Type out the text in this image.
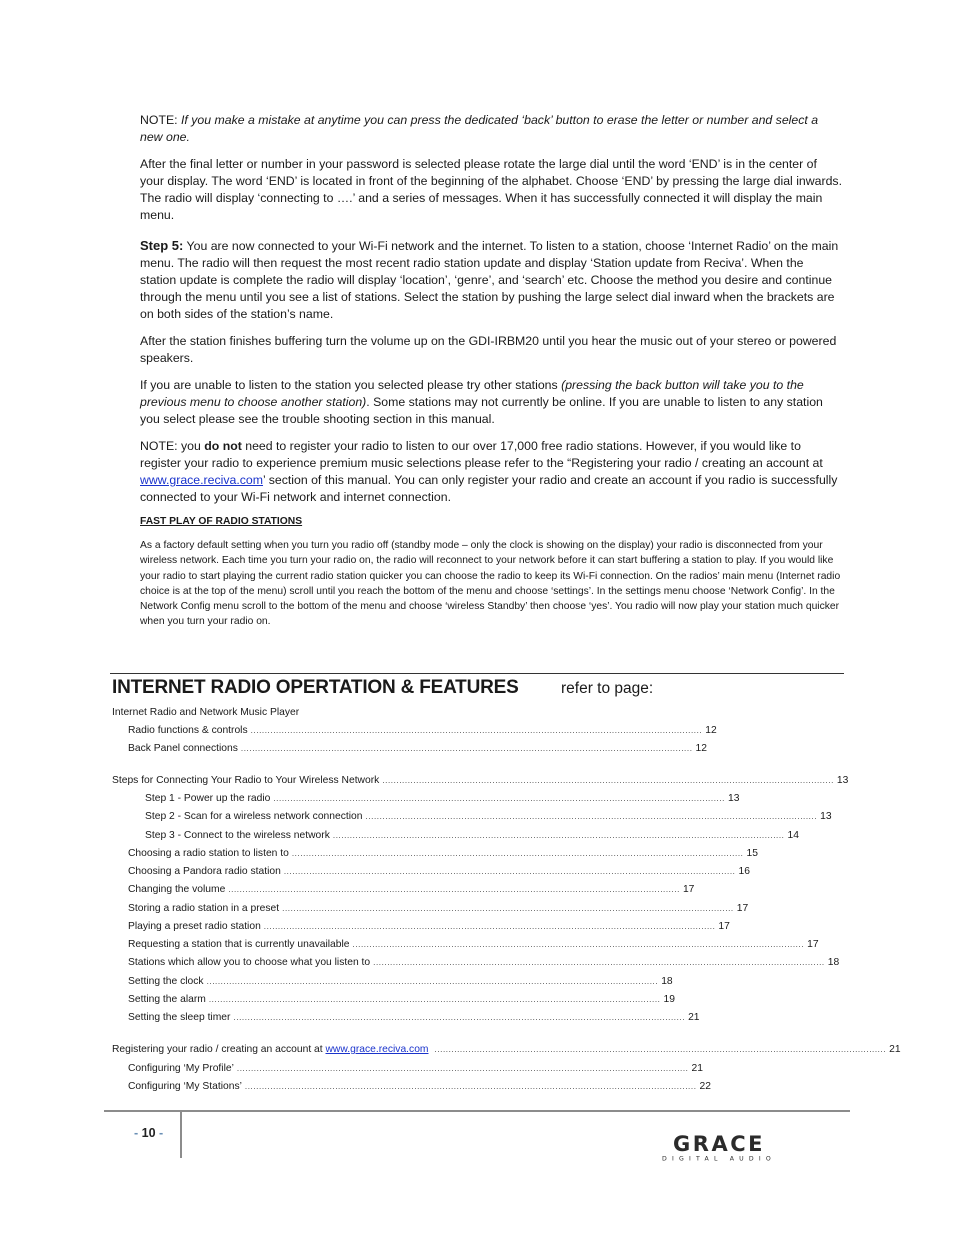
NOTE: If you make a mistake at anytime you can press the dedicated ‘back’ button to erase the letter or number and select a new one.

After the final letter or number in your password is selected please rotate the large dial until the word ‘END’ is in the center of your display. The word ‘END’ is located in front of the beginning of the alphabet. Choose ‘END’ by pressing the large dial inwards. The radio will display ‘connecting to ….’ and a series of messages. When it has successfully connected it will display the main menu.

Step 5: You are now connected to your Wi-Fi network and the internet. To listen to a station, choose ‘Internet Radio’ on the main menu. The radio will then request the most recent radio station update and display ‘Station update from Reciva’. When the station update is complete the radio will display ‘location’, ‘genre’, and ‘search’ etc. Choose the method you desire and continue through the menu until you see a list of stations. Select the station by pushing the large select dial inward when the brackets are on both sides of the station’s name.

After the station finishes buffering turn the volume up on the GDI-IRBM20 until you hear the music out of your stereo or powered speakers.

If you are unable to listen to the station you selected please try other stations (pressing the back button will take you to the previous menu to choose another station). Some stations may not currently be online. If you are unable to listen to any station you select please see the trouble shooting section in this manual.

NOTE: you do not need to register your radio to listen to our over 17,000 free radio stations. However, if you would like to register your radio to experience premium music selections please refer to the “Registering your radio / creating an account at www.grace.reciva.com’ section of this manual. You can only register your radio and create an account if you radio is successfully connected to your Wi-Fi network and internet connection.

FAST PLAY OF RADIO STATIONS

As a factory default setting when you turn you radio off (standby mode – only the clock is showing on the display) your radio is disconnected from your wireless network. Each time you turn your radio on, the radio will reconnect to your network before it can start buffering a station to play. If you would like your radio to start playing the current radio station quicker you can choose the radio to keep its Wi-Fi connection. On the radios’ main menu (Internet radio choice is at the top of the menu) scroll until you reach the bottom of the menu and choose ‘settings’. In the settings menu choose ‘Network Config’. In the Network Config menu scroll to the bottom of the menu and choose ‘wireless Standby’ then choose ‘yes’. You radio will now play your station much quicker when you turn your radio on.

INTERNET RADIO OPERTATION & FEATURES	refer to page:
Internet Radio and Network Music Player
Radio functions & controls ................................................................................................................................................................ 12
Back Panel connections ................................................................................................................................................................ 12
Steps for Connecting Your Radio to Your Wireless Network ................................................................................................................................................................ 13
Step 1 - Power up the radio ................................................................................................................................................................ 13
Step 2 - Scan for a wireless network connection ................................................................................................................................................................ 13
Step 3 - Connect to the wireless network ................................................................................................................................................................ 14
Choosing a radio station to listen to ................................................................................................................................................................ 15
Choosing a Pandora radio station ................................................................................................................................................................ 16
Changing the volume ................................................................................................................................................................ 17
Storing a radio station in a preset ................................................................................................................................................................ 17
Playing a preset radio station ................................................................................................................................................................ 17
Requesting a station that is currently unavailable ................................................................................................................................................................ 17
Stations which allow you to choose what you listen to ................................................................................................................................................................ 18
Setting the clock ................................................................................................................................................................ 18
Setting the alarm ................................................................................................................................................................ 19
Setting the sleep timer ................................................................................................................................................................ 21
Registering your radio / creating an account at www.grace.reciva.com ................................................................................................................................................................ 21
Configuring ‘My Profile’ ................................................................................................................................................................ 21
Configuring ‘My Stations’ ................................................................................................................................................................ 22
- 10 -	GRACE
DIGITAL AUDIO
